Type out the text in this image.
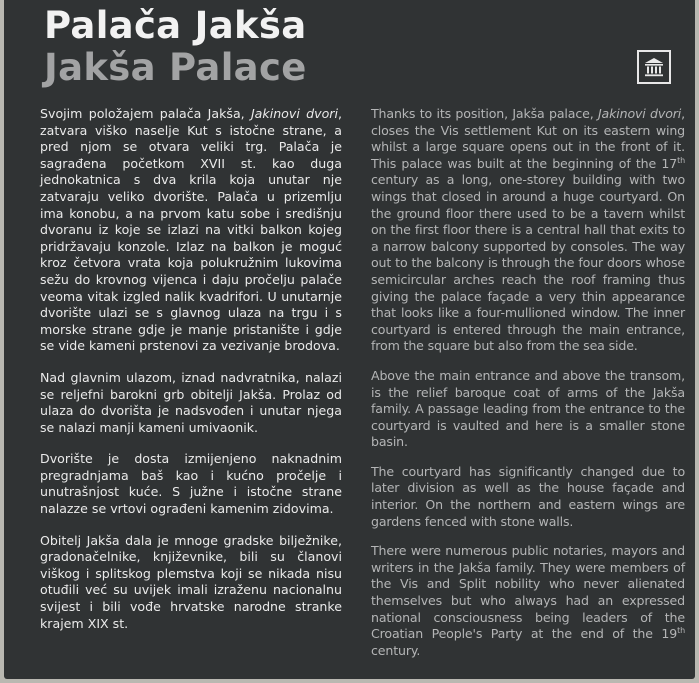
Palača Jakša
Jakša Palace

Svojim položajem palača Jakša, Jakinovi dvori, zatvara viško naselje Kut s istočne strane, a pred njom se otvara veliki trg. Palača je sagrađena početkom XVII st. kao duga jednokatnica s dva krila koja unutar nje zatvaraju veliko dvorište. Palača u prizemlju ima konobu, a na prvom katu sobe i središnju dvoranu iz koje se izlazi na vitki balkon kojeg pridržavaju konzole. Izlaz na balkon je moguć kroz četvora vrata koja polukružnim lukovima sežu do krovnog vijenca i daju pročelju palače veoma vitak izgled nalik kvadrifori. U unutarnje dvorište ulazi se s glavnog ulaza na trgu i s morske strane gdje je manje pristanište i gdje se vide kameni prstenovi za vezivanje brodova.

Nad glavnim ulazom, iznad nadvratnika, nalazi se reljefni barokni grb obitelji Jakša. Prolaz od ulaza do dvorišta je nadsvođen i unutar njega se nalazi manji kameni umivaonik.

Dvorište je dosta izmijenjeno naknadnim pregradnjama baš kao i kućno pročelje i unutrašnjost kuće. S južne i istočne strane nalazze se vrtovi ograđeni kamenim zidovima.

Obitelj Jakša dala je mnoge gradske bilježnike, gradonačelnike, književnike, bili su članovi viškog i splitskog plemstva koji se nikada nisu otuđili već su uvijek imali izraženu nacionalnu svijest i bili vođe hrvatske narodne stranke krajem XIX st.

Thanks to its position, Jakša palace, Jakinovi dvori, closes the Vis settlement Kut on its eastern wing whilst a large square opens out in the front of it. This palace was built at the beginning of the 17th century as a long, one-storey building with two wings that closed in around a huge courtyard. On the ground floor there used to be a tavern whilst on the first floor there is a central hall that exits to a narrow balcony supported by consoles. The way out to the balcony is through the four doors whose semicircular arches reach the roof framing thus giving the palace façade a very thin appearance that looks like a four-mullioned window. The inner courtyard is entered through the main entrance, from the square but also from the sea side.

Above the main entrance and above the transom, is the relief baroque coat of arms of the Jakša family. A passage leading from the entrance to the courtyard is vaulted and here is a smaller stone basin.

The courtyard has significantly changed due to later division as well as the house façade and interior. On the northern and eastern wings are gardens fenced with stone walls.

There were numerous public notaries, mayors and writers in the Jakša family. They were members of the Vis and Split nobility who never alienated themselves but who always had an expressed national consciousness being leaders of the Croatian People's Party at the end of the 19th century.
